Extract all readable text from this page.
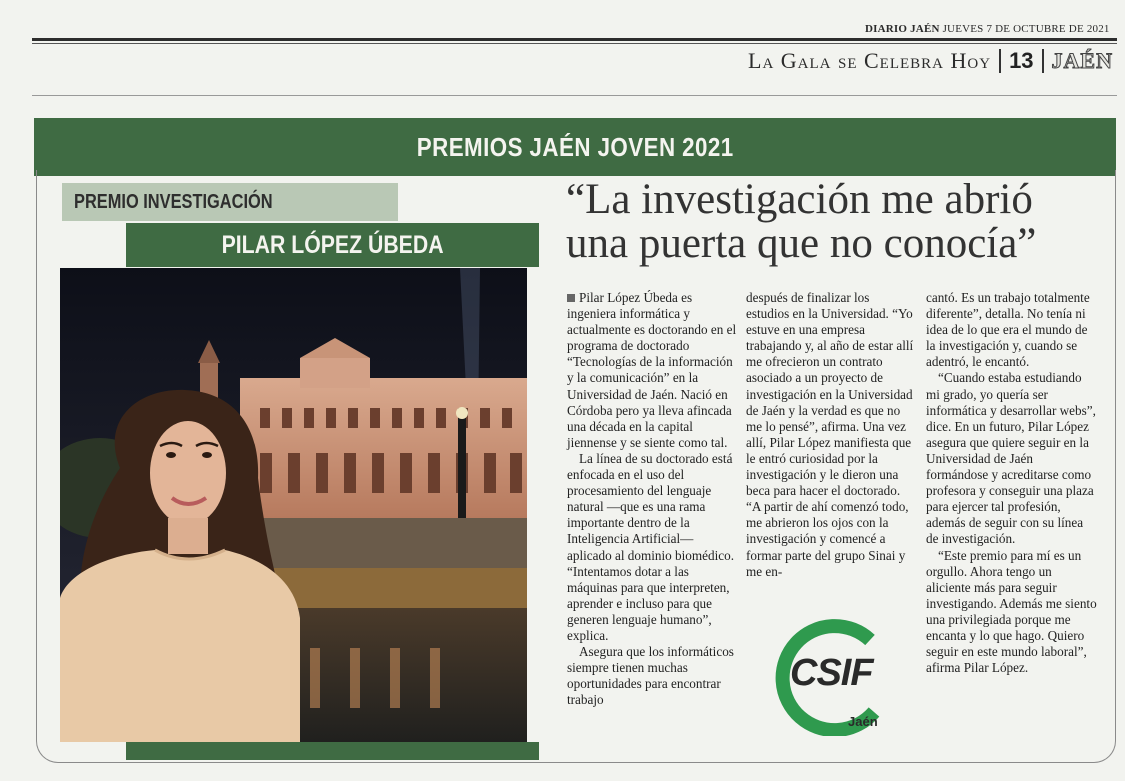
DIARIO JAÉN JUEVES 7 DE OCTUBRE DE 2021
La Gala se Celebra Hoy 13 JAÉN
PREMIOS JAÉN JOVEN 2021
PREMIO INVESTIGACIÓN
PILAR LÓPEZ ÚBEDA
“La investigación me abrió una puerta que no conocía”

Pilar López Úbeda es ingeniera informática y actualmente es doctorando en el programa de doctorado “Tecnologías de la información y la comunicación” en la Universidad de Jaén. Nació en Córdoba pero ya lleva afincada una década en la capital jiennense y se siente como tal.

La línea de su doctorado está enfocada en el uso del procesamiento del lenguaje natural —que es una rama importante dentro de la Inteligencia Artificial— aplicado al dominio biomédico. “Intentamos dotar a las máquinas para que interpreten, aprender e incluso para que generen lenguaje humano”, explica.

Asegura que los informáticos siempre tienen muchas oportunidades para encontrar trabajo

después de finalizar los estudios en la Universidad. “Yo estuve en una empresa trabajando y, al año de estar allí me ofrecieron un contrato asociado a un proyecto de investigación en la Universidad de Jaén y la verdad es que no me lo pensé”, afirma. Una vez allí, Pilar López manifiesta que le entró curiosidad por la investigación y le dieron una beca para hacer el doctorado. “A partir de ahí comenzó todo, me abrieron los ojos con la investigación y comencé a formar parte del grupo Sinai y me en-

cantó. Es un trabajo totalmente diferente”, detalla. No tenía ni idea de lo que era el mundo de la investigación y, cuando se adentró, le encantó.

“Cuando estaba estudiando mi grado, yo quería ser informática y desarrollar webs”, dice. En un futuro, Pilar López asegura que quiere seguir en la Universidad de Jaén formándose y acreditarse como profesora y conseguir una plaza para ejercer tal profesión, además de seguir con su línea de investigación.

“Este premio para mí es un orgullo. Ahora tengo un aliciente más para seguir investigando. Además me siento una privilegiada porque me encanta y lo que hago. Quiero seguir en este mundo laboral”, afirma Pilar López.

CSIF
Jaén
